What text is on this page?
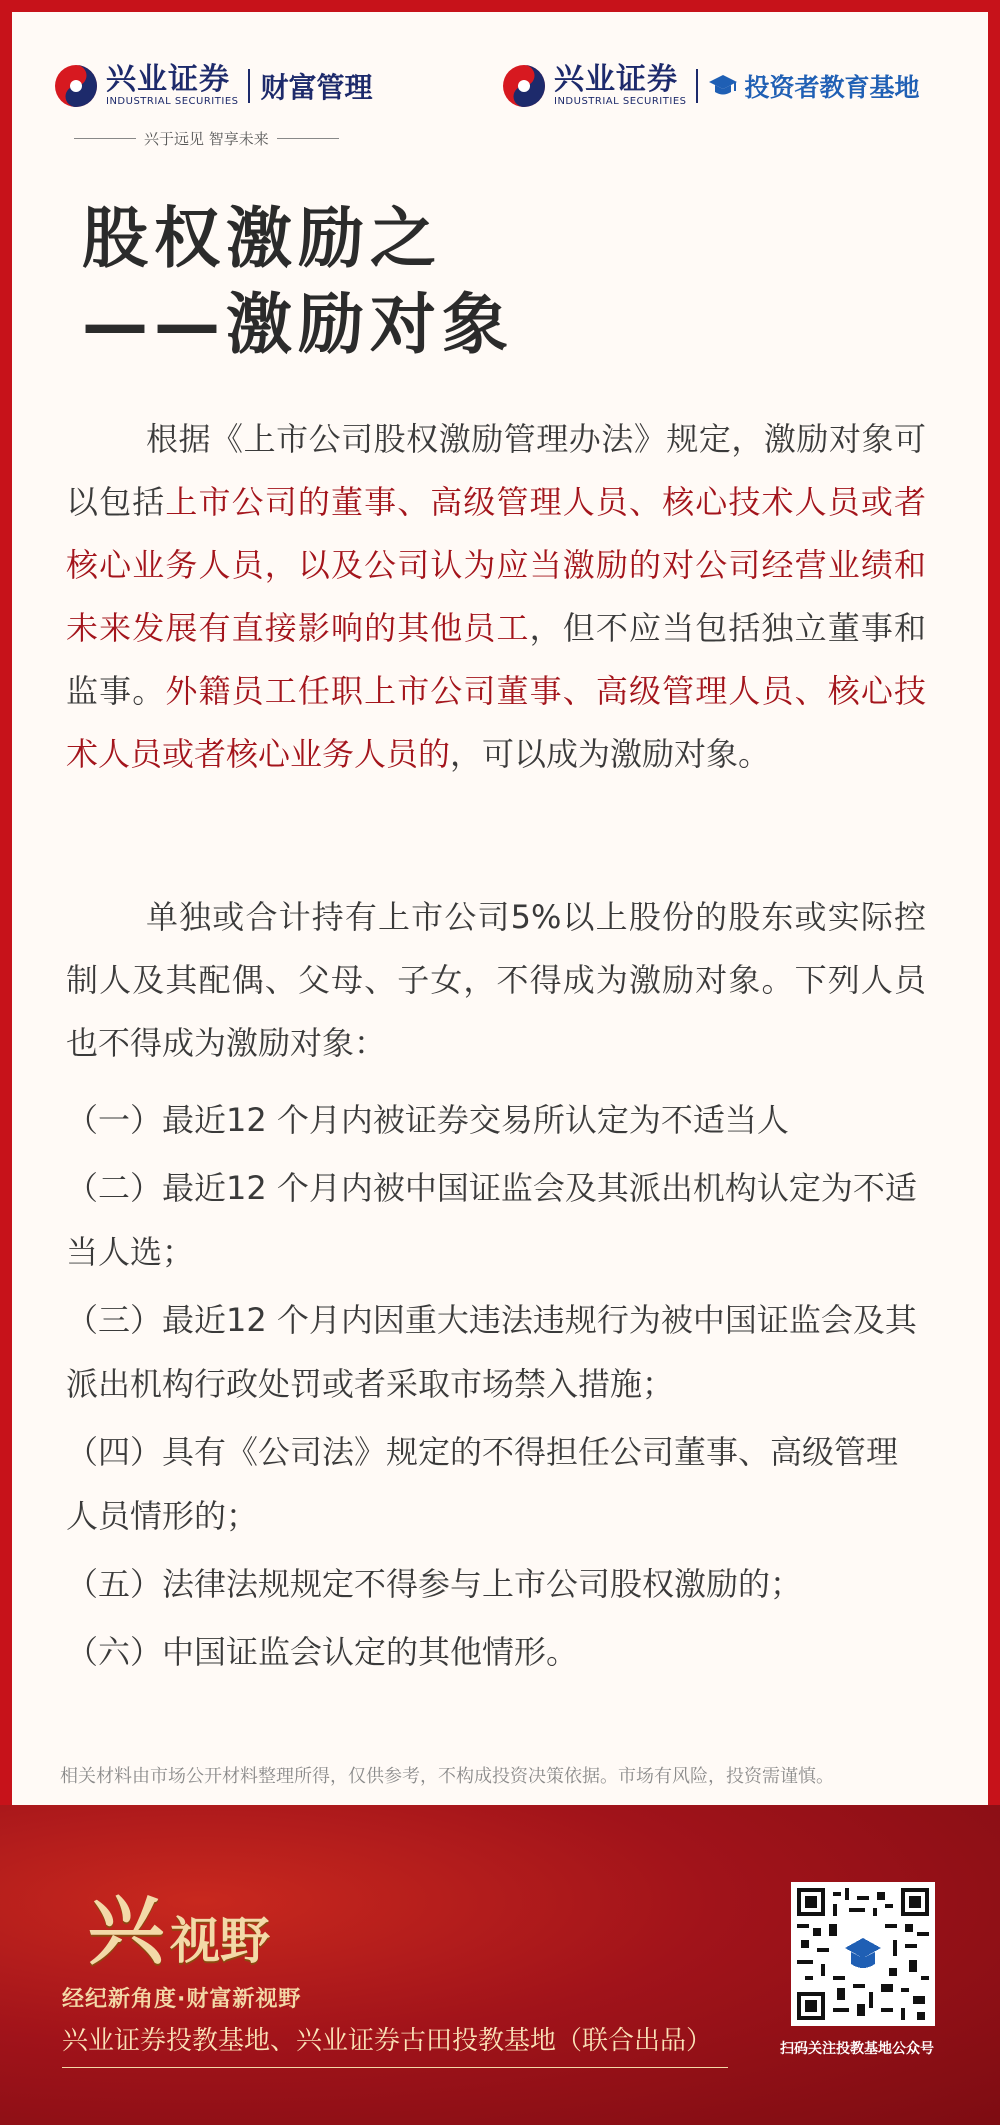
兴业证券
INDUSTRIAL SECURITIES 财富管理
兴于远见 智享未来
兴业证券
INDUSTRIAL SECURITIES 投资者教育基地
股权激励之
——激励对象
根据《上市公司股权激励管理办法》规定，激励对象可以包括上市公司的董事、高级管理人员、核心技术人员或者核心业务人员，以及公司认为应当激励的对公司经营业绩和未来发展有直接影响的其他员工，但不应当包括独立董事和监事。外籍员工任职上市公司董事、高级管理人员、核心技术人员或者核心业务人员的，可以成为激励对象。
单独或合计持有上市公司5%以上股份的股东或实际控制人及其配偶、父母、子女，不得成为激励对象。下列人员也不得成为激励对象：
（一）最近12 个月内被证券交易所认定为不适当人
（二）最近12 个月内被中国证监会及其派出机构认定为不适当人选；
（三）最近12 个月内因重大违法违规行为被中国证监会及其派出机构行政处罚或者采取市场禁入措施；
（四）具有《公司法》规定的不得担任公司董事、高级管理人员情形的；
（五）法律法规规定不得参与上市公司股权激励的；
（六）中国证监会认定的其他情形。
相关材料由市场公开材料整理所得，仅供参考，不构成投资决策依据。市场有风险，投资需谨慎。
兴 视野
经纪新角度·财富新视野
兴业证券投教基地、兴业证券古田投教基地（联合出品）	扫码关注投教基地公众号
